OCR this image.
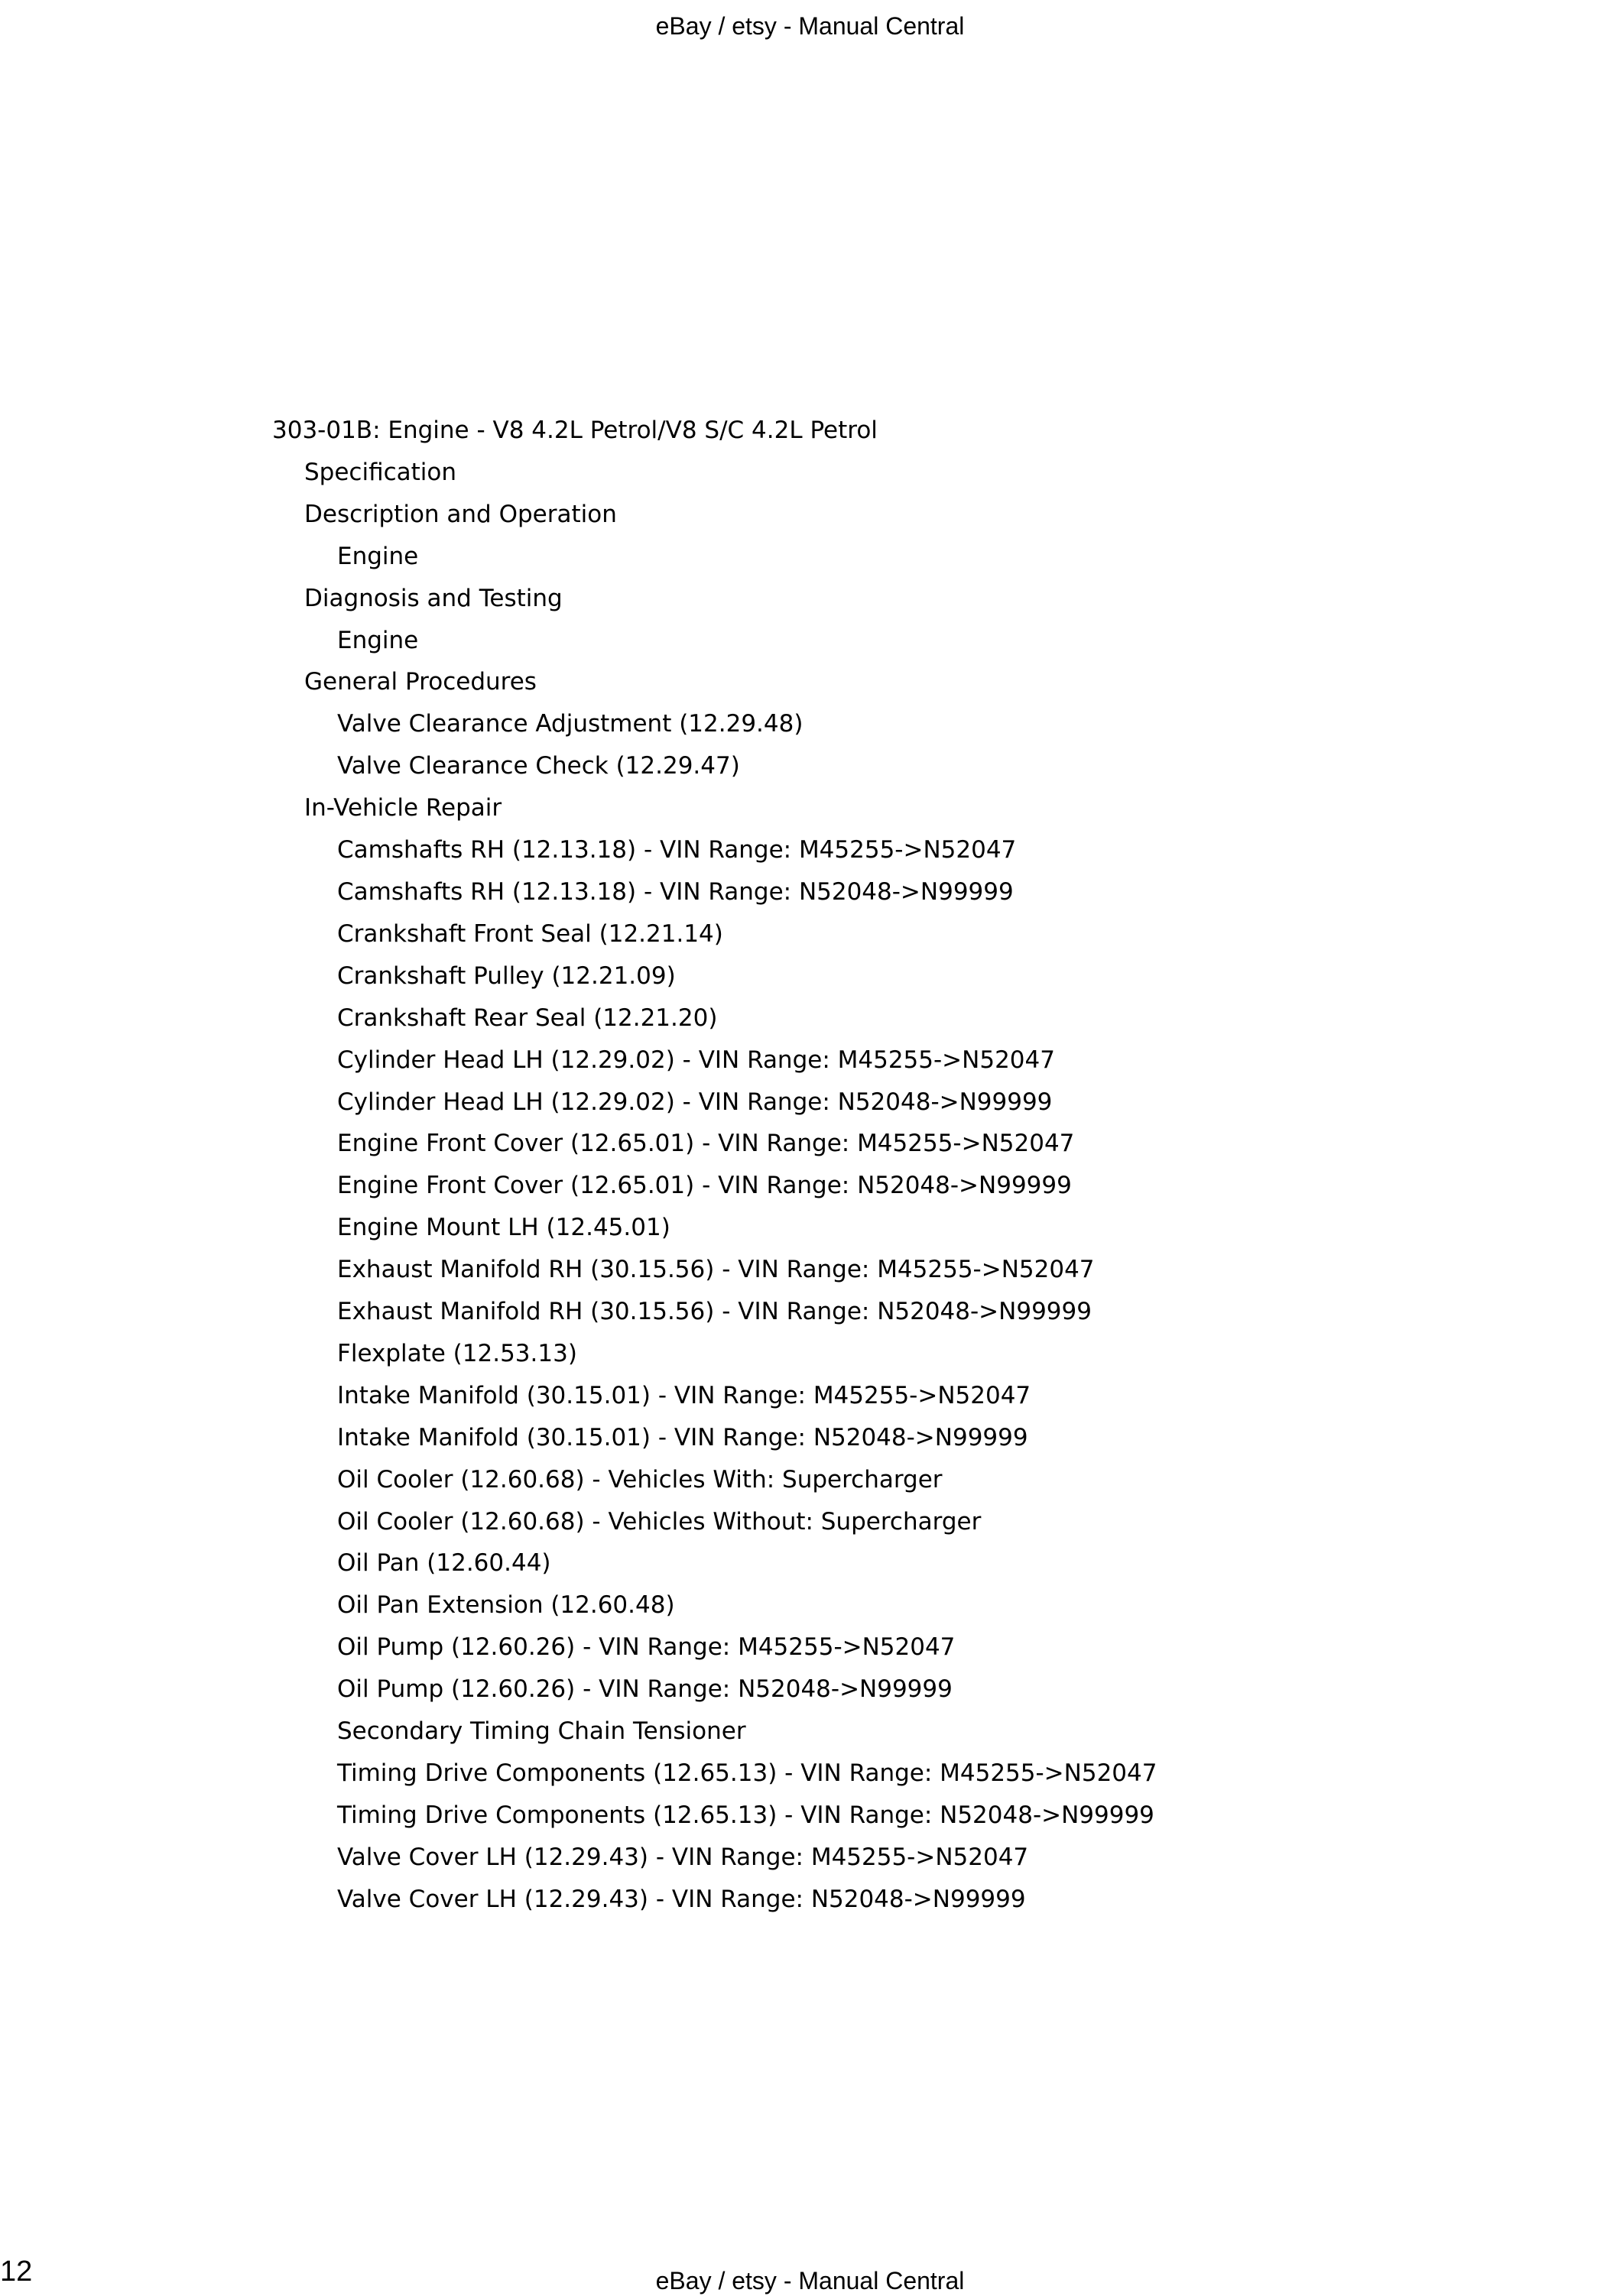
eBay / etsy - Manual Central
303-01B: Engine - V8 4.2L Petrol/V8 S/C 4.2L Petrol
Specification
Description and Operation
Engine
Diagnosis and Testing
Engine
General Procedures
Valve Clearance Adjustment (12.29.48)
Valve Clearance Check (12.29.47)
In-Vehicle Repair
Camshafts RH (12.13.18) - VIN Range: M45255->N52047
Camshafts RH (12.13.18) - VIN Range: N52048->N99999
Crankshaft Front Seal (12.21.14)
Crankshaft Pulley (12.21.09)
Crankshaft Rear Seal (12.21.20)
Cylinder Head LH (12.29.02) - VIN Range: M45255->N52047
Cylinder Head LH (12.29.02) - VIN Range: N52048->N99999
Engine Front Cover (12.65.01) - VIN Range: M45255->N52047
Engine Front Cover (12.65.01) - VIN Range: N52048->N99999
Engine Mount LH (12.45.01)
Exhaust Manifold RH (30.15.56) - VIN Range: M45255->N52047
Exhaust Manifold RH (30.15.56) - VIN Range: N52048->N99999
Flexplate (12.53.13)
Intake Manifold (30.15.01) - VIN Range: M45255->N52047
Intake Manifold (30.15.01) - VIN Range: N52048->N99999
Oil Cooler (12.60.68) - Vehicles With: Supercharger
Oil Cooler (12.60.68) - Vehicles Without: Supercharger
Oil Pan (12.60.44)
Oil Pan Extension (12.60.48)
Oil Pump (12.60.26) - VIN Range: M45255->N52047
Oil Pump (12.60.26) - VIN Range: N52048->N99999
Secondary Timing Chain Tensioner
Timing Drive Components (12.65.13) - VIN Range: M45255->N52047
Timing Drive Components (12.65.13) - VIN Range: N52048->N99999
Valve Cover LH (12.29.43) - VIN Range: M45255->N52047
Valve Cover LH (12.29.43) - VIN Range: N52048->N99999
12	eBay / etsy - Manual Central
